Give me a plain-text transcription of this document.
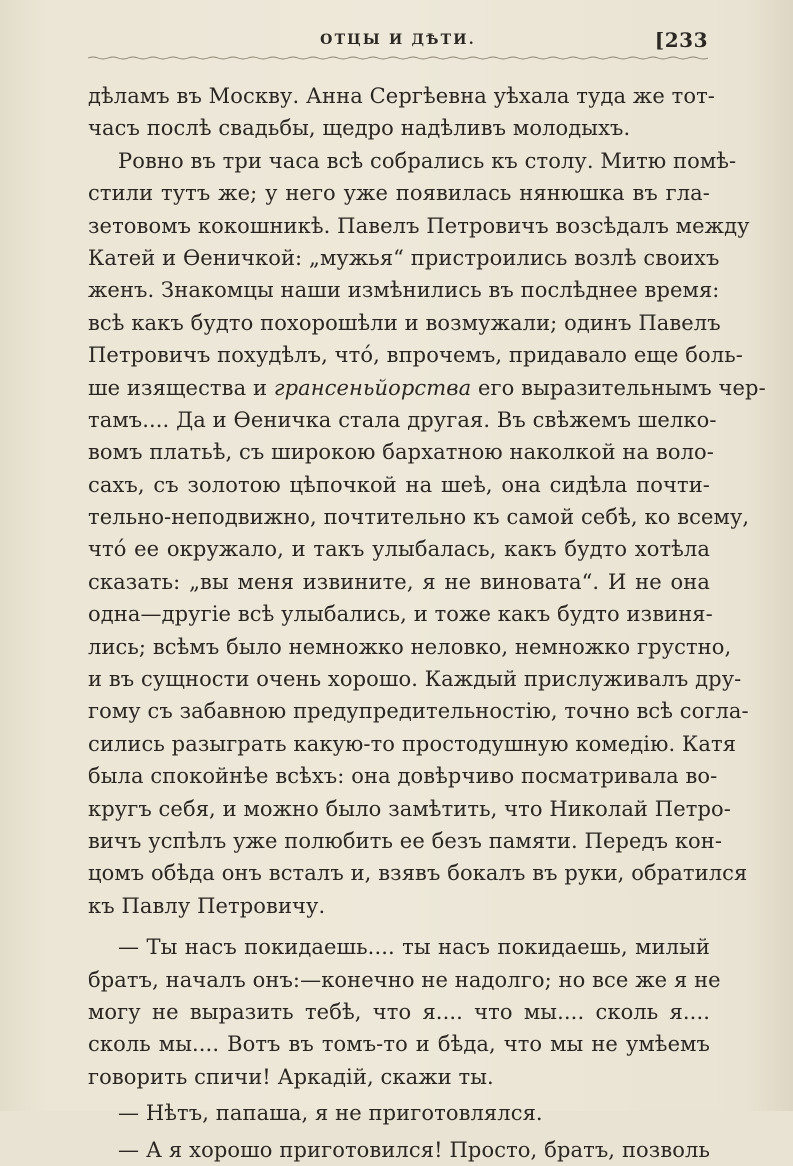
ОТЦЫ И ДѢТИ.	[233
дѣламъ въ Москву. Анна Сергѣевна уѣхала туда же тот-
часъ послѣ свадьбы, щедро надѣливъ молодыхъ.
Ровно въ три часа всѣ собрались къ столу. Митю помѣ-
стили тутъ же; у него уже появилась нянюшка въ гла-
зетовомъ кокошникѣ. Павелъ Петровичъ возсѣдалъ между
Катей и Ѳеничкой: „мужья“ пристроились возлѣ своихъ
женъ. Знакомцы наши измѣнились въ послѣднее время:
всѣ какъ будто похорошѣли и возмужали; одинъ Павелъ
Петровичъ похудѣлъ, что́, впрочемъ, придавало еще боль-
ше изящества и грансеньйорства его выразительнымъ чер-
тамъ.... Да и Ѳеничка стала другая. Въ свѣжемъ шелко-
вомъ платьѣ, съ широкою бархатною наколкой на воло-
сахъ, съ золотою цѣпочкой на шеѣ, она сидѣла почти-
тельно-неподвижно, почтительно къ самой себѣ, ко всему,
что́ ее окружало, и такъ улыбалась, какъ будто хотѣла
сказать: „вы меня извините, я не виновата“. И не она
одна—другіе всѣ улыбались, и тоже какъ будто извиня-
лись; всѣмъ было немножко неловко, немножко грустно,
и въ сущности очень хорошо. Каждый прислуживалъ дру-
гому съ забавною предупредительностію, точно всѣ согла-
сились разыграть какую-то простодушную комедію. Катя
была спокойнѣе всѣхъ: она довѣрчиво посматривала во-
кругъ себя, и можно было замѣтить, что Николай Петро-
вичъ успѣлъ уже полюбить ее безъ памяти. Передъ кон-
цомъ обѣда онъ всталъ и, взявъ бокалъ въ руки, обратился
къ Павлу Петровичу.
— Ты насъ покидаешь.... ты насъ покидаешь, милый
братъ, началъ онъ:—конечно не надолго; но все же я не
могу не выразить тебѣ, что я.... что мы.... сколь я....
сколь мы.... Вотъ въ томъ-то и бѣда, что мы не умѣемъ
говорить спичи! Аркадій, скажи ты.
— Нѣтъ, папаша, я не приготовлялся.
— А я хорошо приготовился! Просто, братъ, позволь
